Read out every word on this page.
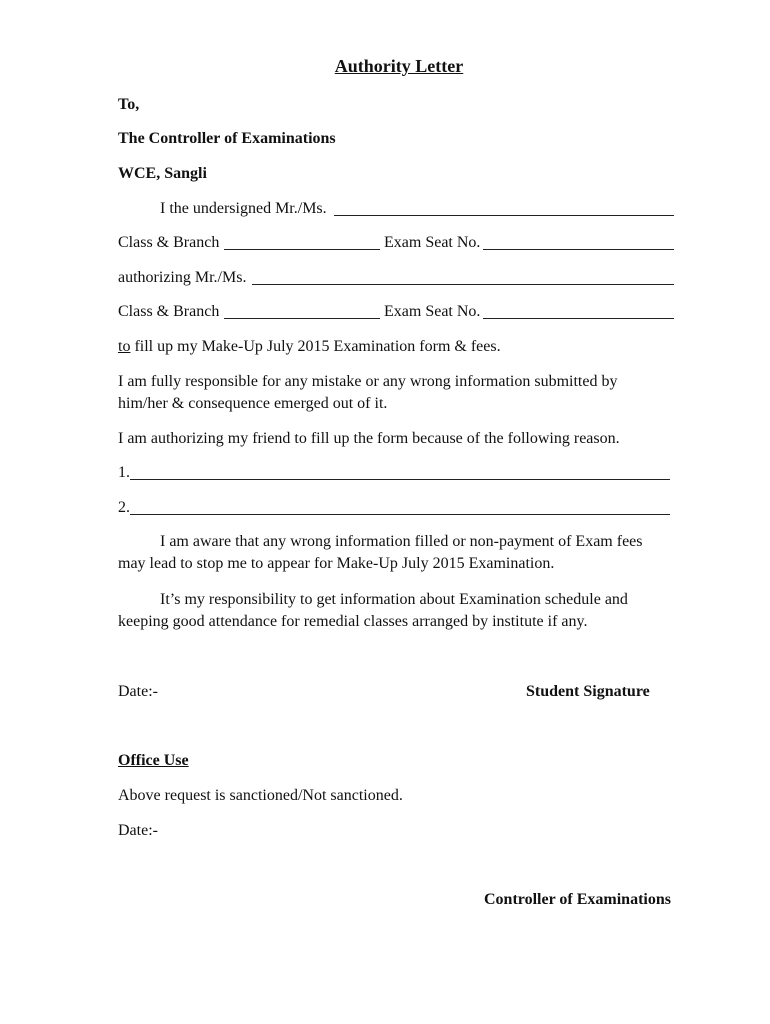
Authority Letter
To,
The Controller of Examinations
WCE, Sangli
I the undersigned Mr./Ms.
Class & Branch	Exam Seat No.
authorizing Mr./Ms.
Class & Branch	Exam Seat No.
to fill up my Make-Up July 2015 Examination form & fees.
I am fully responsible for any mistake or any wrong information submitted by
him/her & consequence emerged out of it.
I am authorizing my friend to fill up the form because of the following reason.
1.
2.
I am aware that any wrong information filled or non-payment of Exam fees
may lead to stop me to appear for Make-Up July 2015 Examination.
It’s my responsibility to get information about Examination schedule and
keeping good attendance for remedial classes arranged by institute if any.
Date:-	Student Signature
Office Use
Above request is sanctioned/Not sanctioned.
Date:-
Controller of Examinations
